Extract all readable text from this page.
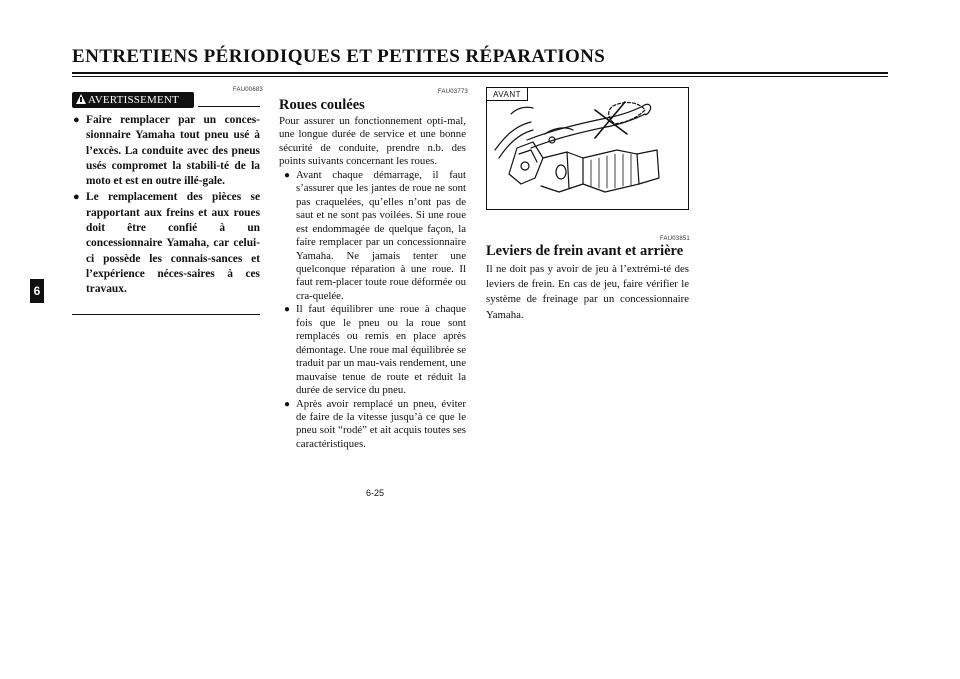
ENTRETIENS PÉRIODIQUES ET PETITES RÉPARATIONS
6
FAU00683
AVERTISSEMENT
● Faire remplacer par un conces-sionnaire Yamaha tout pneu usé à l’excès. La conduite avec des pneus usés compromet la stabili-té de la moto et est en outre illé-gale.
● Le remplacement des pièces se rapportant aux freins et aux roues doit être confié à un concessionnaire Yamaha, car celui-ci possède les connais-sances et l’expérience néces-saires à ces travaux.
FAU03773
Roues coulées

Pour assurer un fonctionnement opti-mal, une longue durée de service et une bonne sécurité de conduite, prendre n.b. des points suivants concernant les roues.

● Avant chaque démarrage, il faut s’assurer que les jantes de roue ne sont pas craquelées, qu’elles n’ont pas de saut et ne sont pas voilées. Si une roue est endommagée de quelque façon, la faire remplacer par un concessionnaire Yamaha. Ne jamais tenter une quelconque réparation à une roue. Il faut rem-placer toute roue déformée ou cra-quelée.
● Il faut équilibrer une roue à chaque fois que le pneu ou la roue sont remplacés ou remis en place après démontage. Une roue mal équilibrée se traduit par un mau-vais rendement, une mauvaise tenue de route et réduit la durée de service du pneu.
● Après avoir remplacé un pneu, éviter de faire de la vitesse jusqu’à ce que le pneu soit “rodé” et ait acquis toutes ses caractéristiques.
6-25
AVANT
FAU03851
Leviers de frein avant et arrière

Il ne doit pas y avoir de jeu à l’extrémi-té des leviers de frein. En cas de jeu, faire vérifier le système de freinage par un concessionnaire Yamaha.
